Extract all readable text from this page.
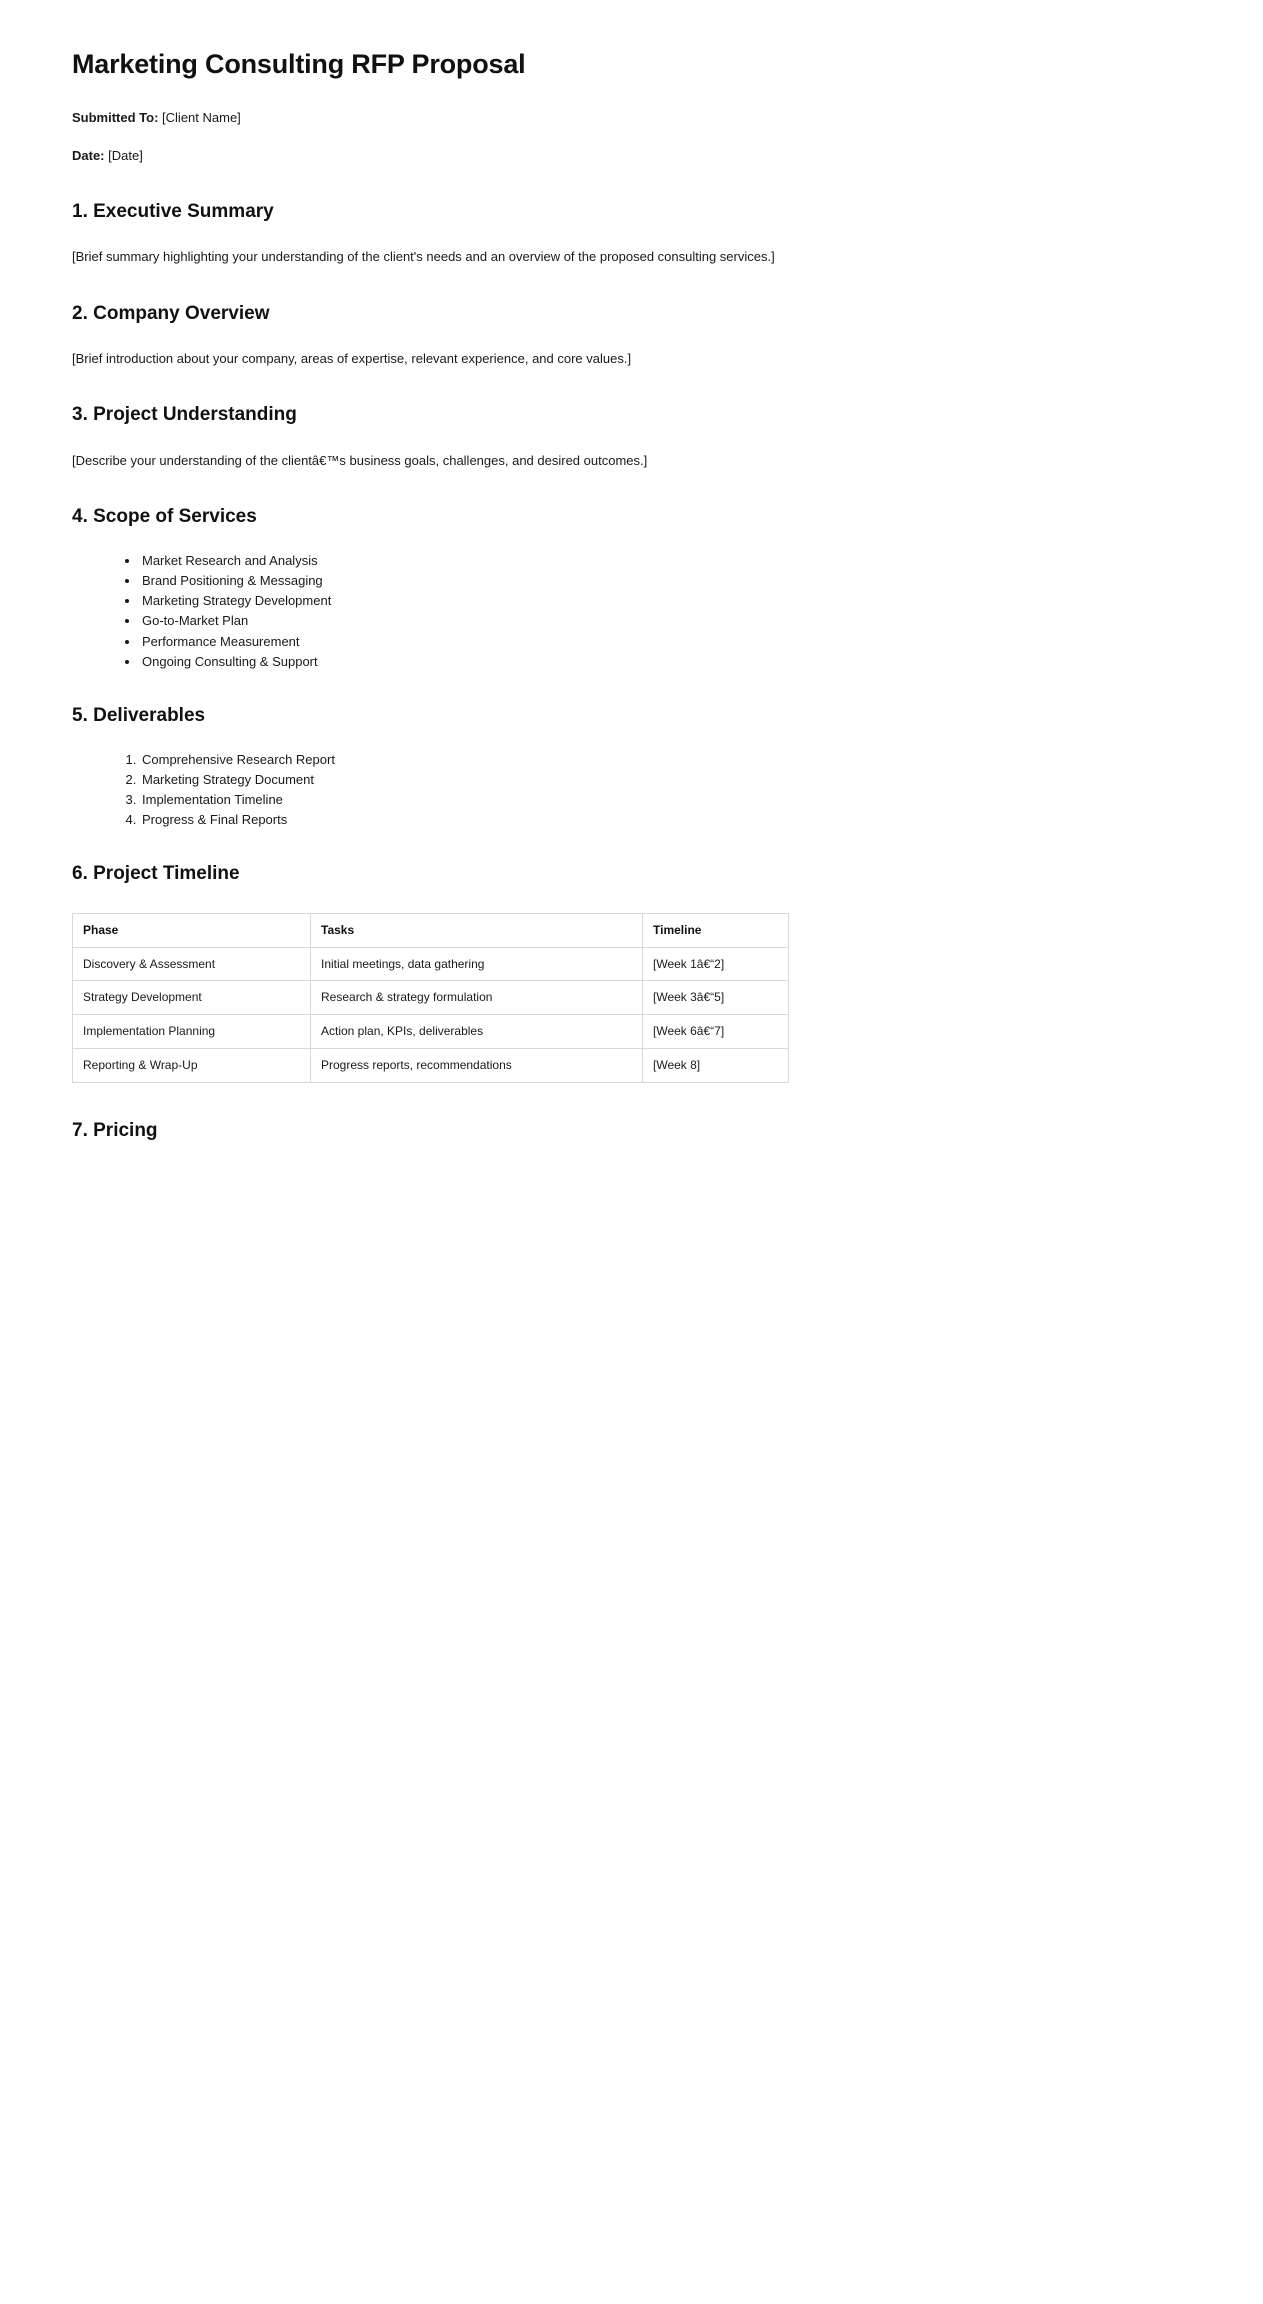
Marketing Consulting RFP Proposal

Submitted To: [Client Name]

Date: [Date]

1. Executive Summary

[Brief summary highlighting your understanding of the client's needs and an overview of the proposed consulting services.]

2. Company Overview

[Brief introduction about your company, areas of expertise, relevant experience, and core values.]

3. Project Understanding

[Describe your understanding of the clientâ€™s business goals, challenges, and desired outcomes.]

4. Scope of Services
• Market Research and Analysis
• Brand Positioning & Messaging
• Marketing Strategy Development
• Go-to-Market Plan
• Performance Measurement
• Ongoing Consulting & Support
5. Deliverables
1. Comprehensive Research Report
2. Marketing Strategy Document
3. Implementation Timeline
4. Progress & Final Reports
6. Project Timeline
Phase	Tasks	Timeline
Discovery & Assessment	Initial meetings, data gathering	[Week 1â€“2]
Strategy Development	Research & strategy formulation	[Week 3â€“5]
Implementation Planning	Action plan, KPIs, deliverables	[Week 6â€“7]
Reporting & Wrap-Up	Progress reports, recommendations	[Week 8]
7. Pricing
